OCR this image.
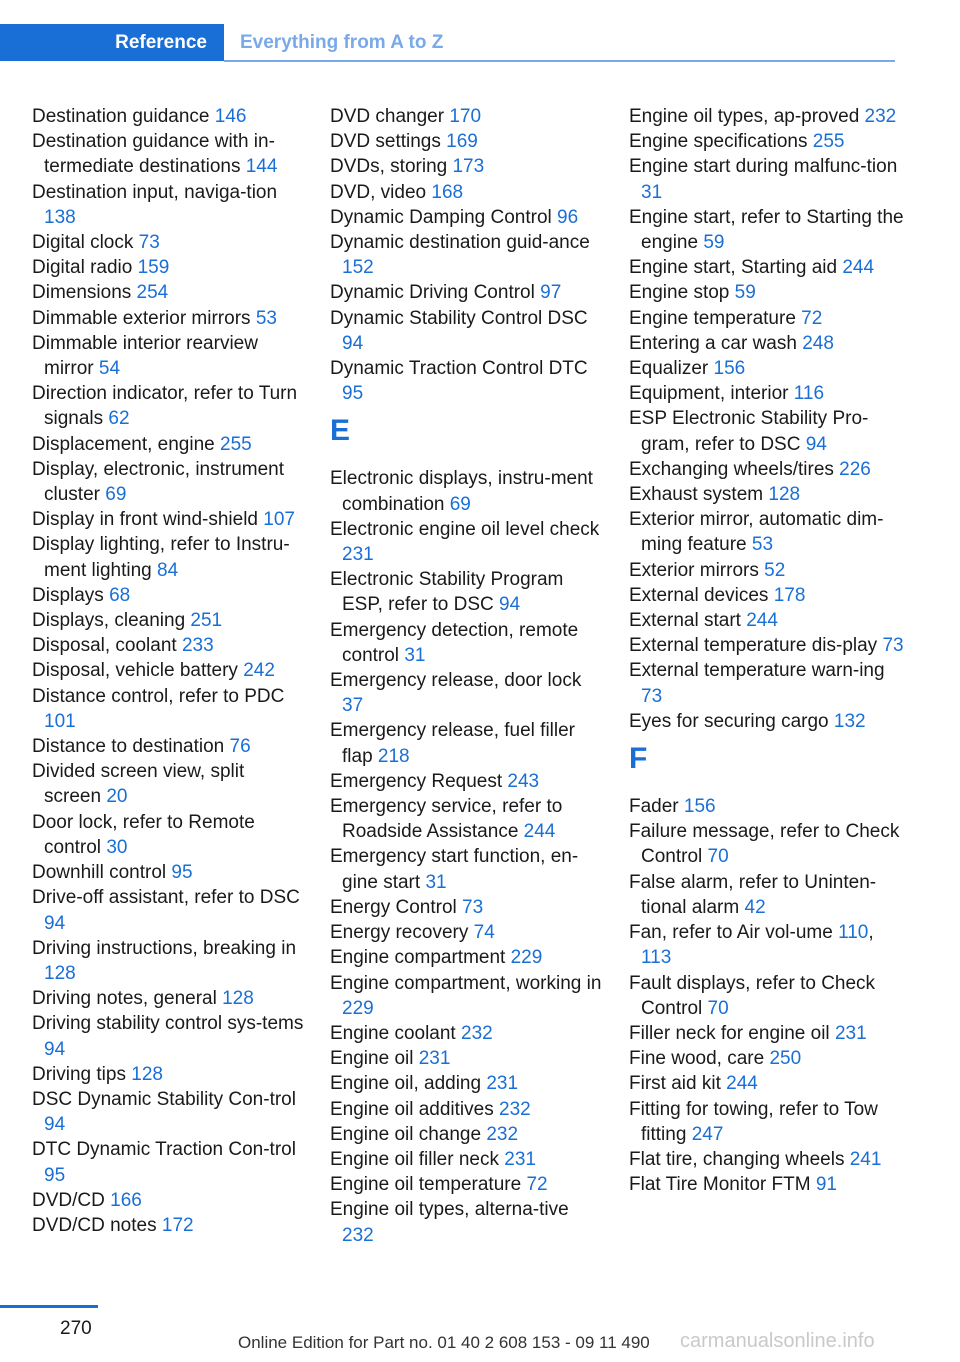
Reference	Everything from A to Z

Destination guidance 146

Destination guidance with in-termediate destinations 144

Destination input, naviga-tion 138

Digital clock 73

Digital radio 159

Dimensions 254

Dimmable exterior mirrors 53

Dimmable interior rearview mirror 54

Direction indicator, refer to Turn signals 62

Displacement, engine 255

Display, electronic, instrument cluster 69

Display in front wind-shield 107

Display lighting, refer to Instru-ment lighting 84

Displays 68

Displays, cleaning 251

Disposal, coolant 233

Disposal, vehicle battery 242

Distance control, refer to PDC 101

Distance to destination 76

Divided screen view, split screen 20

Door lock, refer to Remote control 30

Downhill control 95

Drive-off assistant, refer to DSC 94

Driving instructions, breaking in 128

Driving notes, general 128

Driving stability control sys-tems 94

Driving tips 128

DSC Dynamic Stability Con-trol 94

DTC Dynamic Traction Con-trol 95

DVD/CD 166

DVD/CD notes 172

DVD changer 170

DVD settings 169

DVDs, storing 173

DVD, video 168

Dynamic Damping Control 96

Dynamic destination guid-ance 152

Dynamic Driving Control 97

Dynamic Stability Control DSC 94

Dynamic Traction Control DTC 95

E

Electronic displays, instru-ment combination 69

Electronic engine oil level check 231

Electronic Stability Program ESP, refer to DSC 94

Emergency detection, remote control 31

Emergency release, door lock 37

Emergency release, fuel filler flap 218

Emergency Request 243

Emergency service, refer to Roadside Assistance 244

Emergency start function, en-gine start 31

Energy Control 73

Energy recovery 74

Engine compartment 229

Engine compartment, working in 229

Engine coolant 232

Engine oil 231

Engine oil, adding 231

Engine oil additives 232

Engine oil change 232

Engine oil filler neck 231

Engine oil temperature 72

Engine oil types, alterna-tive 232

Engine oil types, ap-proved 232

Engine specifications 255

Engine start during malfunc-tion 31

Engine start, refer to Starting the engine 59

Engine start, Starting aid 244

Engine stop 59

Engine temperature 72

Entering a car wash 248

Equalizer 156

Equipment, interior 116

ESP Electronic Stability Pro-gram, refer to DSC 94

Exchanging wheels/tires 226

Exhaust system 128

Exterior mirror, automatic dim-ming feature 53

Exterior mirrors 52

External devices 178

External start 244

External temperature dis-play 73

External temperature warn-ing 73

Eyes for securing cargo 132

F

Fader 156

Failure message, refer to Check Control 70

False alarm, refer to Uninten-tional alarm 42

Fan, refer to Air vol-ume 110, 113

Fault displays, refer to Check Control 70

Filler neck for engine oil 231

Fine wood, care 250

First aid kit 244

Fitting for towing, refer to Tow fitting 247

Flat tire, changing wheels 241

Flat Tire Monitor FTM 91

270
Online Edition for Part no. 01 40 2 608 153 - 09 11 490 carmanualsonline.info
